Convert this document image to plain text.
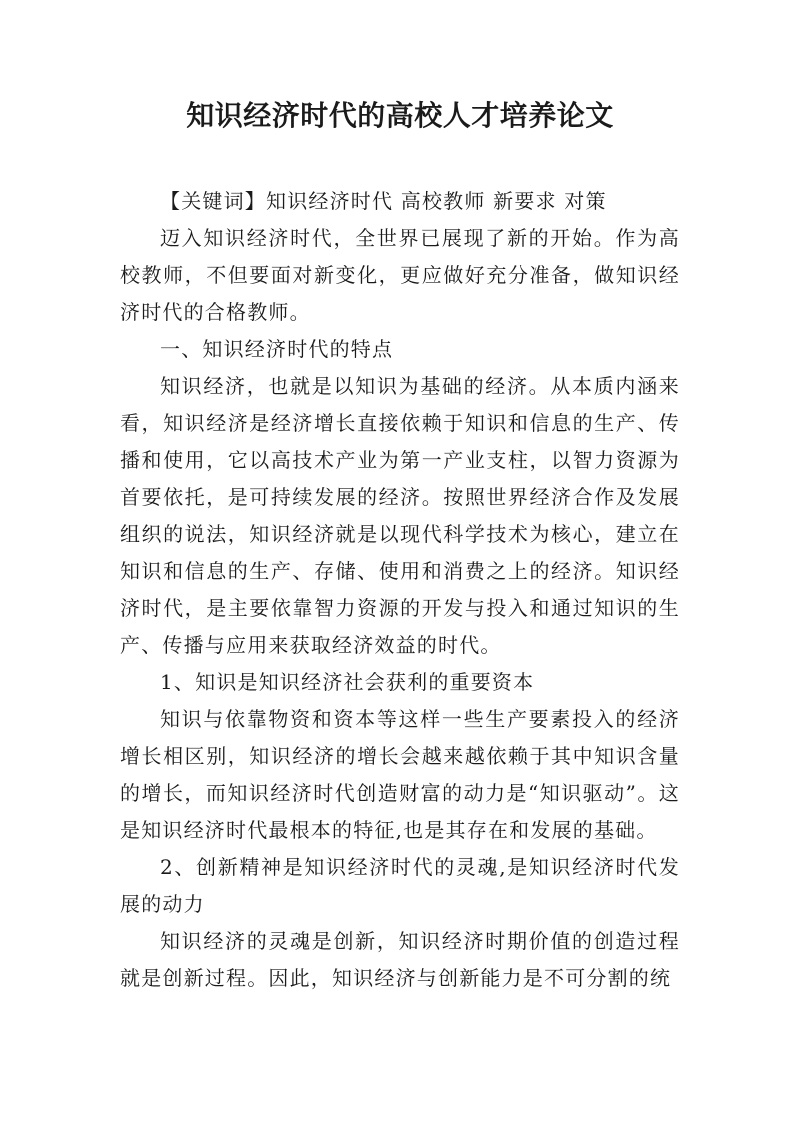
知识经济时代的高校人才培养论文

【关键词】知识经济时代 高校教师 新要求 对策

迈入知识经济时代，全世界已展现了新的开始。作为高校教师，不但要面对新变化，更应做好充分准备，做知识经济时代的合格教师。

一、知识经济时代的特点

知识经济，也就是以知识为基础的经济。从本质内涵来看，知识经济是经济增长直接依赖于知识和信息的生产、传播和使用，它以高技术产业为第一产业支柱，以智力资源为首要依托，是可持续发展的经济。按照世界经济合作及发展组织的说法，知识经济就是以现代科学技术为核心，建立在知识和信息的生产、存储、使用和消费之上的经济。知识经济时代，是主要依靠智力资源的开发与投入和通过知识的生产、传播与应用来获取经济效益的时代。

1、知识是知识经济社会获利的重要资本

知识与依靠物资和资本等这样一些生产要素投入的经济增长相区别，知识经济的增长会越来越依赖于其中知识含量的增长，而知识经济时代创造财富的动力是“知识驱动”。这是知识经济时代最根本的特征,也是其存在和发展的基础。

2、创新精神是知识经济时代的灵魂,是知识经济时代发展的动力

知识经济的灵魂是创新，知识经济时期价值的创造过程就是创新过程。因此，知识经济与创新能力是不可分割的统
